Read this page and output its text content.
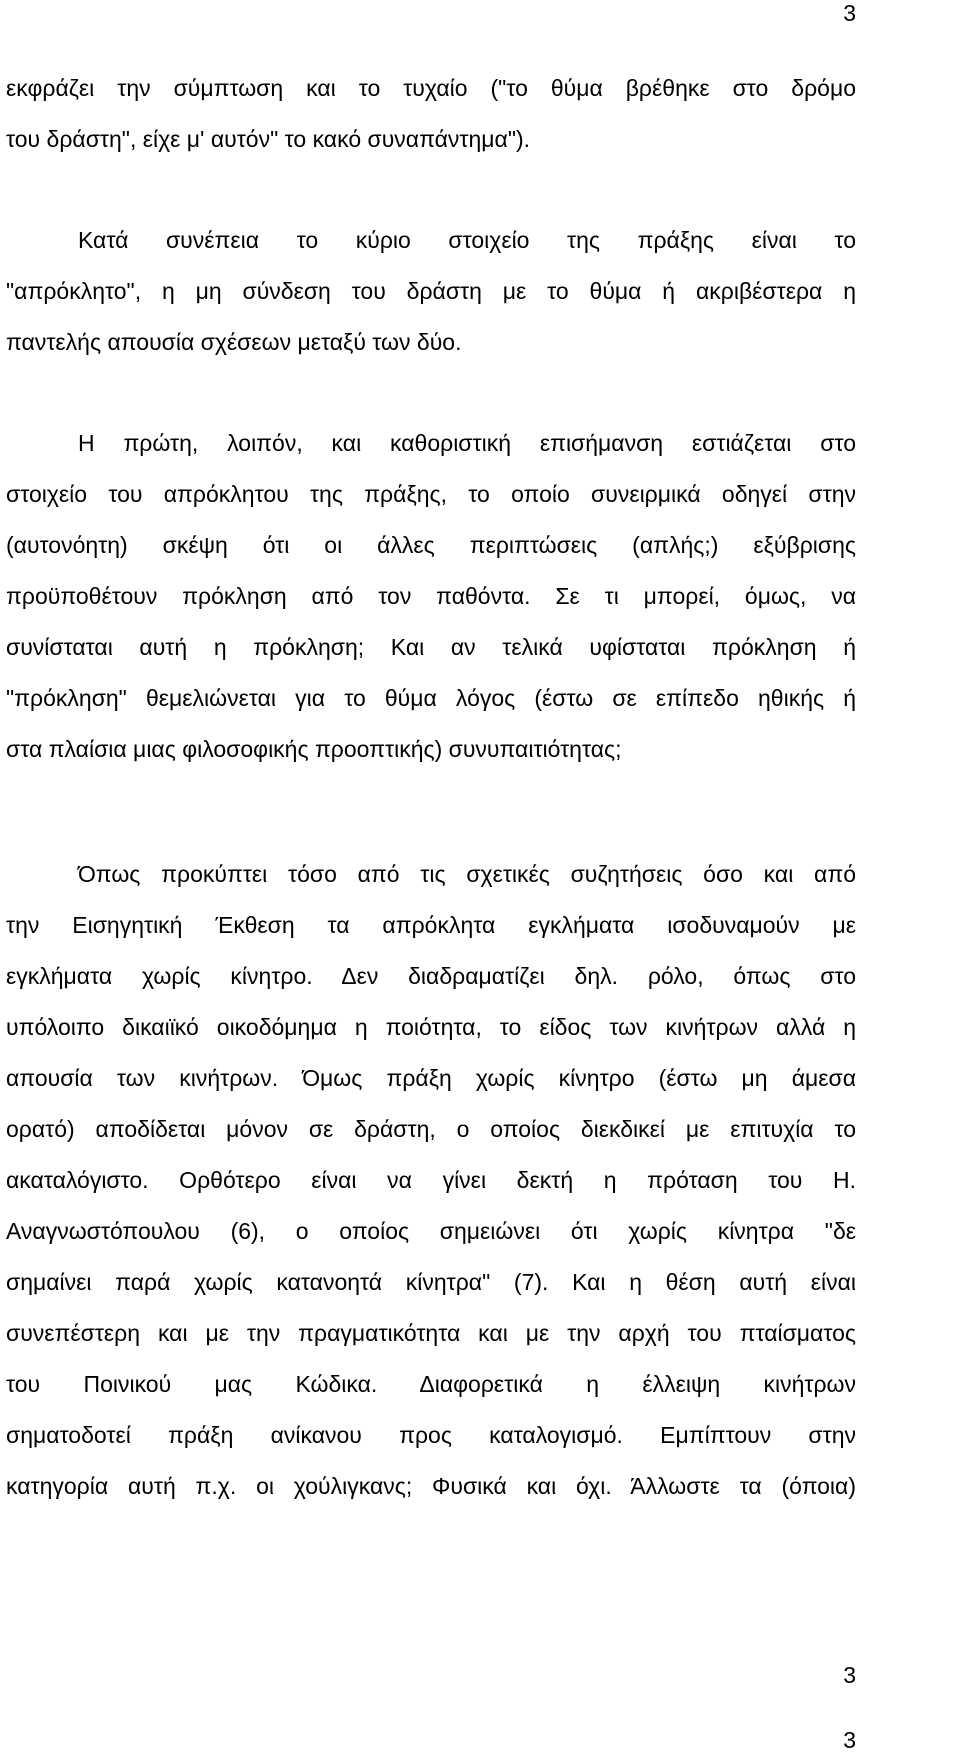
3
εκφράζει την σύμπτωση και το τυχαίο ("το θύμα βρέθηκε στο δρόμο
του δράστη", είχε μ' αυτόν" το κακό συναπάντημα").
Κατά συνέπεια το κύριο στοιχείο της πράξης είναι το
"απρόκλητο", η μη σύνδεση του δράστη με το θύμα ή ακριβέστερα η
παντελής απουσία σχέσεων μεταξύ των δύο.
Η πρώτη, λοιπόν, και καθοριστική επισήμανση εστιάζεται στο
στοιχείο του απρόκλητου της πράξης, το οποίο συνειρμικά οδηγεί στην
(αυτονόητη) σκέψη ότι οι άλλες περιπτώσεις (απλής;) εξύβρισης
προϋποθέτουν πρόκληση από τον παθόντα. Σε τι μπορεί, όμως, να
συνίσταται αυτή η πρόκληση; Και αν τελικά υφίσταται πρόκληση ή
"πρόκληση" θεμελιώνεται για το θύμα λόγος (έστω σε επίπεδο ηθικής ή
στα πλαίσια μιας φιλοσοφικής προοπτικής) συνυπαιτιότητας;
Όπως προκύπτει τόσο από τις σχετικές συζητήσεις όσο και από
την Εισηγητική Έκθεση τα απρόκλητα εγκλήματα ισοδυναμούν με
εγκλήματα χωρίς κίνητρο. Δεν διαδραματίζει δηλ. ρόλο, όπως στο
υπόλοιπο δικαιϊκό οικοδόμημα η ποιότητα, το είδος των κινήτρων αλλά η
απουσία των κινήτρων. Όμως πράξη χωρίς κίνητρο (έστω μη άμεσα
ορατό) αποδίδεται μόνον σε δράστη, ο οποίος διεκδικεί με επιτυχία το
ακαταλόγιστο. Ορθότερο είναι να γίνει δεκτή η πρόταση του Η.
Αναγνωστόπουλου (6), ο οποίος σημειώνει ότι χωρίς κίνητρα "δε
σημαίνει παρά χωρίς κατανοητά κίνητρα" (7). Και η θέση αυτή είναι
συνεπέστερη και με την πραγματικότητα και με την αρχή του πταίσματος
του Ποινικού μας Κώδικα. Διαφορετικά η έλλειψη κινήτρων
σηματοδοτεί πράξη ανίκανου προς καταλογισμό. Εμπίπτουν στην
κατηγορία αυτή π.χ. οι χούλιγκανς; Φυσικά και όχι. Άλλωστε τα (όποια)
3
3
